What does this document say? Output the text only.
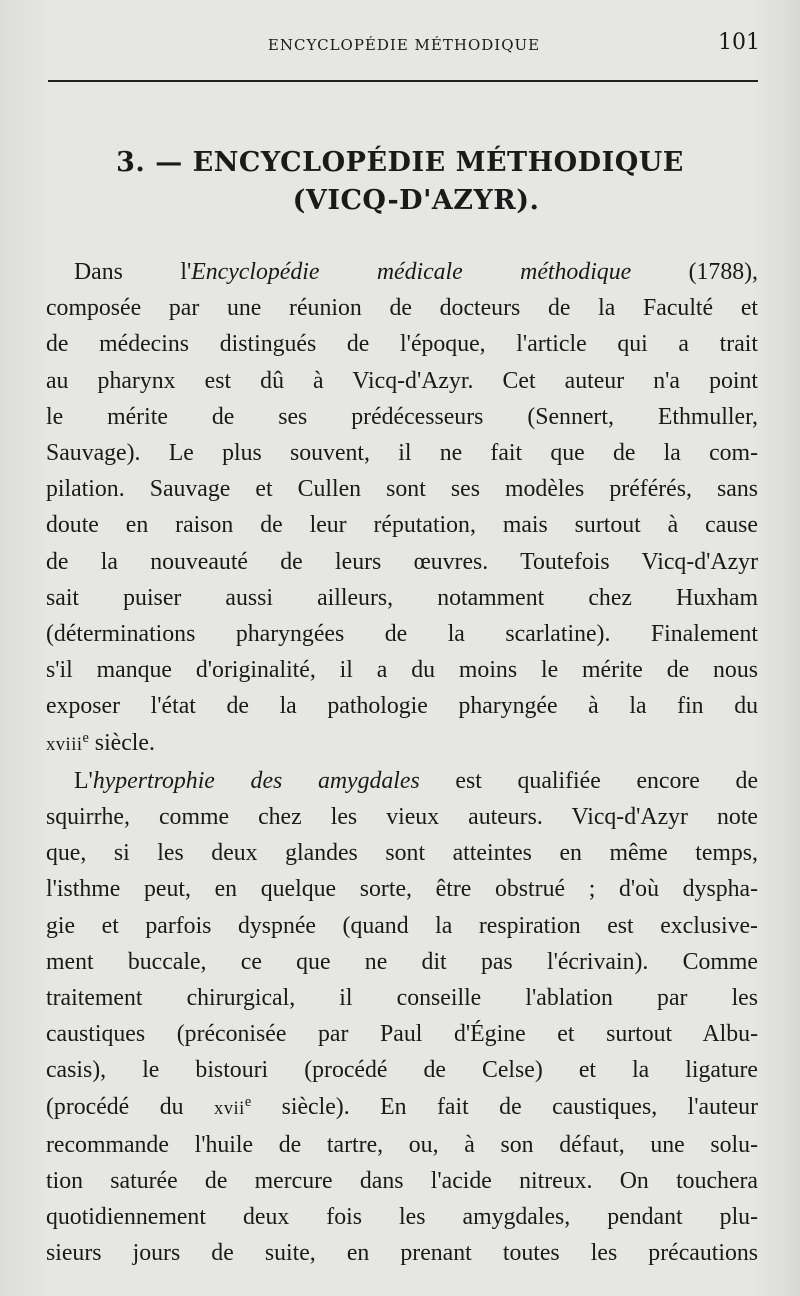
ENCYCLOPÉDIE MÉTHODIQUE	101
3. — ENCYCLOPÉDIE MÉTHODIQUE
(VICQ-D'AZYR).
Dans l'Encyclopédie médicale méthodique (1788),
composée par une réunion de docteurs de la Faculté et
de médecins distingués de l'époque, l'article qui a trait
au pharynx est dû à Vicq-d'Azyr. Cet auteur n'a point
le mérite de ses prédécesseurs (Sennert, Ethmuller,
Sauvage). Le plus souvent, il ne fait que de la com-
pilation. Sauvage et Cullen sont ses modèles préférés, sans
doute en raison de leur réputation, mais surtout à cause
de la nouveauté de leurs œuvres. Toutefois Vicq-d'Azyr
sait puiser aussi ailleurs, notamment chez Huxham
(déterminations pharyngées de la scarlatine). Finalement
s'il manque d'originalité, il a du moins le mérite de nous
exposer l'état de la pathologie pharyngée à la fin du
xviii$^e$ siècle.
L'hypertrophie des amygdales est qualifiée encore de
squirrhe, comme chez les vieux auteurs. Vicq-d'Azyr note
que, si les deux glandes sont atteintes en même temps,
l'isthme peut, en quelque sorte, être obstrué ; d'où dyspha-
gie et parfois dyspnée (quand la respiration est exclusive-
ment buccale, ce que ne dit pas l'écrivain). Comme
traitement chirurgical, il conseille l'ablation par les
caustiques (préconisée par Paul d'Égine et surtout Albu-
casis), le bistouri (procédé de Celse) et la ligature
(procédé du xvii$^e$ siècle). En fait de caustiques, l'auteur
recommande l'huile de tartre, ou, à son défaut, une solu-
tion saturée de mercure dans l'acide nitreux. On touchera
quotidiennement deux fois les amygdales, pendant plu-
sieurs jours de suite, en prenant toutes les précautions
